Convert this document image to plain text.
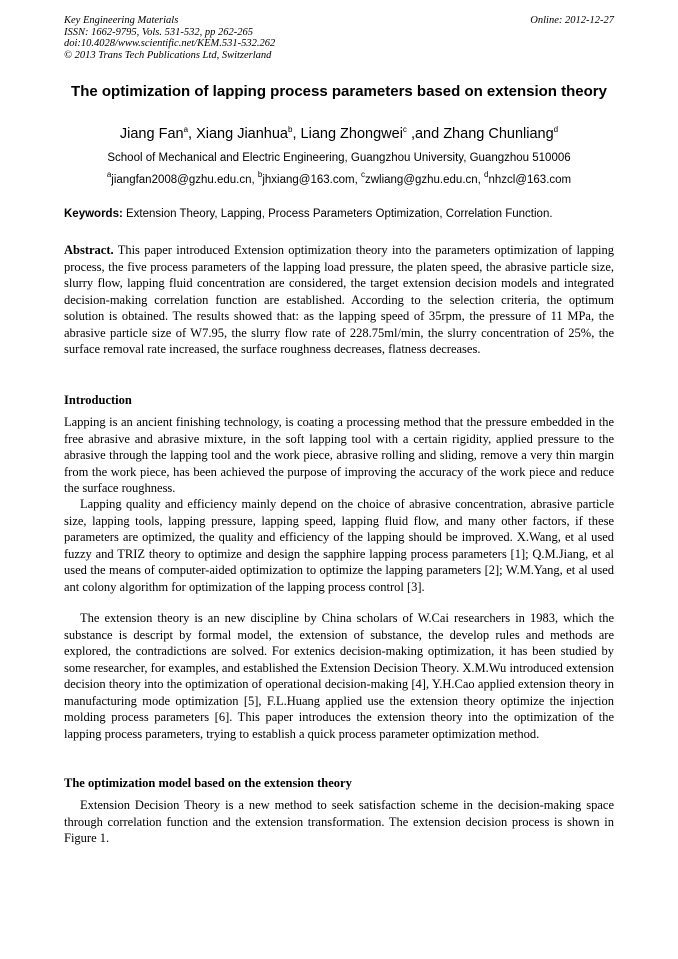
Key Engineering Materials
ISSN: 1662-9795, Vols. 531-532, pp 262-265
doi:10.4028/www.scientific.net/KEM.531-532.262
© 2013 Trans Tech Publications Ltd, Switzerland
Online: 2012-12-27
The optimization of lapping process parameters based on extension theory
Jiang Fan$^a$, Xiang Jianhua$^b$, Liang Zhongwei$^c$ ,and Zhang Chunliang$^d$
School of Mechanical and Electric Engineering, Guangzhou University, Guangzhou 510006
$^a$jiangfan2008@gzhu.edu.cn, $^b$jhxiang@163.com, $^c$zwliang@gzhu.edu.cn, $^d$nhzcl@163.com
Keywords: Extension Theory, Lapping, Process Parameters Optimization, Correlation Function.
Abstract. This paper introduced Extension optimization theory into the parameters optimization of lapping process, the five process parameters of the lapping load pressure, the platen speed, the abrasive particle size, slurry flow, lapping fluid concentration are considered, the target extension decision models and integrated decision-making correlation function are established. According to the selection criteria, the optimum solution is obtained. The results showed that: as the lapping speed of 35rpm, the pressure of 11 MPa, the abrasive particle size of W7.95, the slurry flow rate of 228.75ml/min, the slurry concentration of 25%, the surface removal rate increased, the surface roughness decreases, flatness decreases.
Introduction
Lapping is an ancient finishing technology, is coating a processing method that the pressure embedded in the free abrasive and abrasive mixture, in the soft lapping tool with a certain rigidity, applied pressure to the abrasive through the lapping tool and the work piece, abrasive rolling and sliding, remove a very thin margin from the work piece, has been achieved the purpose of improving the accuracy of the work piece and reduce the surface roughness.
Lapping quality and efficiency mainly depend on the choice of abrasive concentration, abrasive particle size, lapping tools, lapping pressure, lapping speed, lapping fluid flow, and many other factors, if these parameters are optimized, the quality and efficiency of the lapping should be improved. X.Wang, et al used fuzzy and TRIZ theory to optimize and design the sapphire lapping process parameters [1]; Q.M.Jiang, et al used the means of computer-aided optimization to optimize the lapping parameters [2]; W.M.Yang, et al used ant colony algorithm for optimization of the lapping process control [3].
The extension theory is an new discipline by China scholars of W.Cai researchers in 1983, which the substance is descript by formal model, the extension of substance, the develop rules and methods are explored, the contradictions are solved. For extenics decision-making optimization, it has been studied by some researcher, for examples, and established the Extension Decision Theory. X.M.Wu introduced extension decision theory into the optimization of operational decision-making [4], Y.H.Cao applied extension theory in manufacturing mode optimization [5], F.L.Huang applied use the extension theory optimize the injection molding process parameters [6]. This paper introduces the extension theory into the optimization of the lapping process parameters, trying to establish a quick process parameter optimization method.
The optimization model based on the extension theory
Extension Decision Theory is a new method to seek satisfaction scheme in the decision-making space through correlation function and the extension transformation. The extension decision process is shown in Figure 1.
